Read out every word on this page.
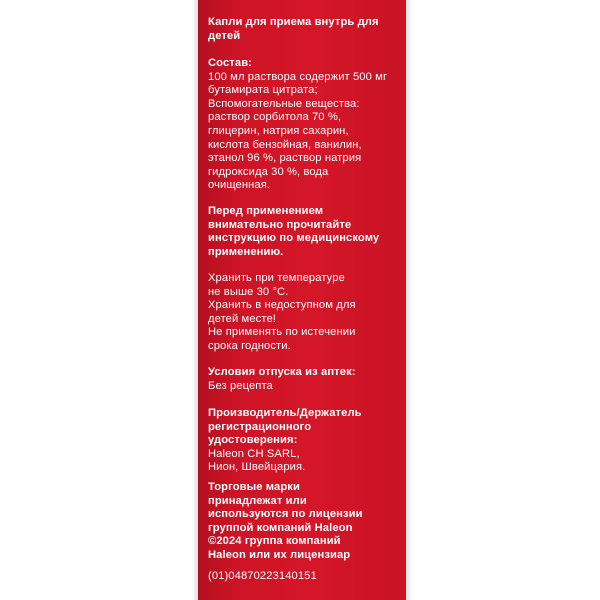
Капли для приема внутрь для
детей
Состав:
100 мл раствора содержит 500 мг
бутамирата цитрата;
Вспомогательные вещества:
раствор сорбитола 70 %,
глицерин, натрия сахарин,
кислота бензойная, ванилин,
этанол 96 %, раствор натрия
гидроксида 30 %, вода
очищенная.
Перед применением
внимательно прочитайте
инструкцию по медицинскому
применению.
Хранить при температуре
не выше 30 °C.
Хранить в недоступном для
детей месте!
Не применять по истечении
срока годности.
Условия отпуска из аптек:
Без рецепта
Производитель/Держатель
регистрационного
удостоверения:
Haleon CH SARL,
Нион, Швейцария.
Торговые марки
принадлежат или
используются по лицензии
группой компаний Haleon
©2024 группа компаний
Haleon или их лицензиар
(01)04870223140151
